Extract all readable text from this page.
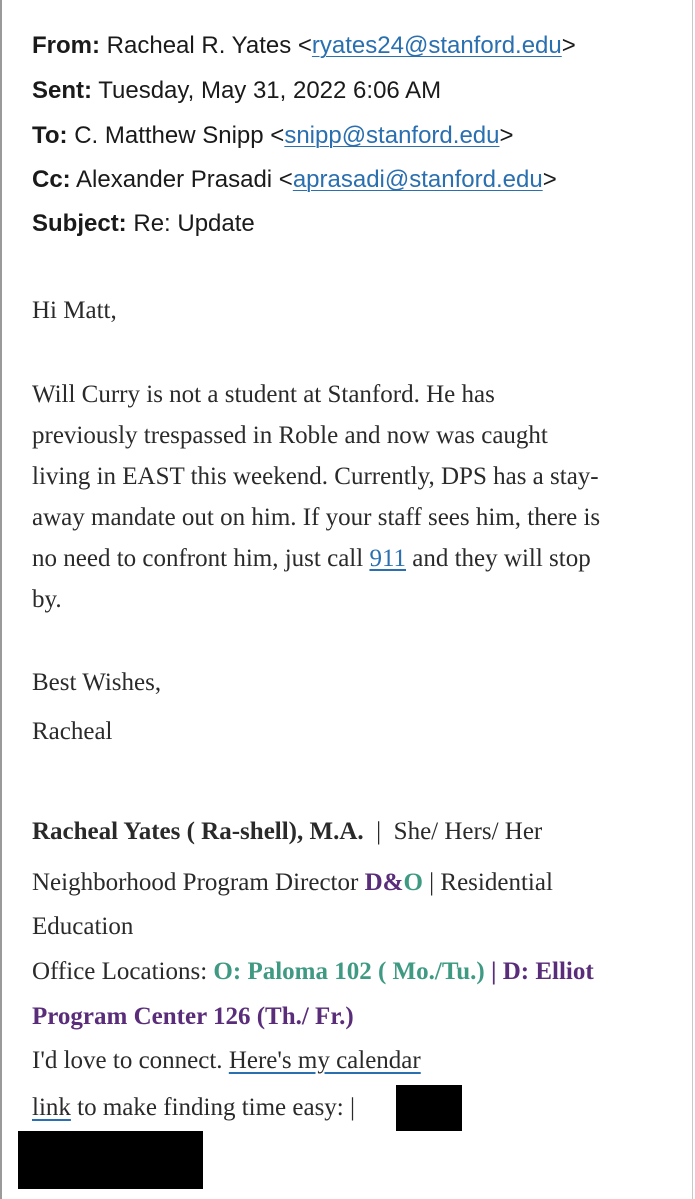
From: Racheal R. Yates <ryates24@stanford.edu>
Sent: Tuesday, May 31, 2022 6:06 AM
To: C. Matthew Snipp <snipp@stanford.edu>
Cc: Alexander Prasadi <aprasadi@stanford.edu>
Subject: Re: Update
Hi Matt,
Will Curry is not a student at Stanford. He has
previously trespassed in Roble and now was caught
living in EAST this weekend. Currently, DPS has a stay-
away mandate out on him. If your staff sees him, there is
no need to confront him, just call 911 and they will stop
by.
Best Wishes,
Racheal
Racheal Yates ( Ra-shell), M.A. | She/ Hers/ Her
Neighborhood Program Director D&O | Residential
Education
Office Locations: O: Paloma 102 ( Mo./Tu.) | D: Elliot
Program Center 126 (Th./ Fr.)
I'd love to connect. Here's my calendar
link to make finding time easy: |
